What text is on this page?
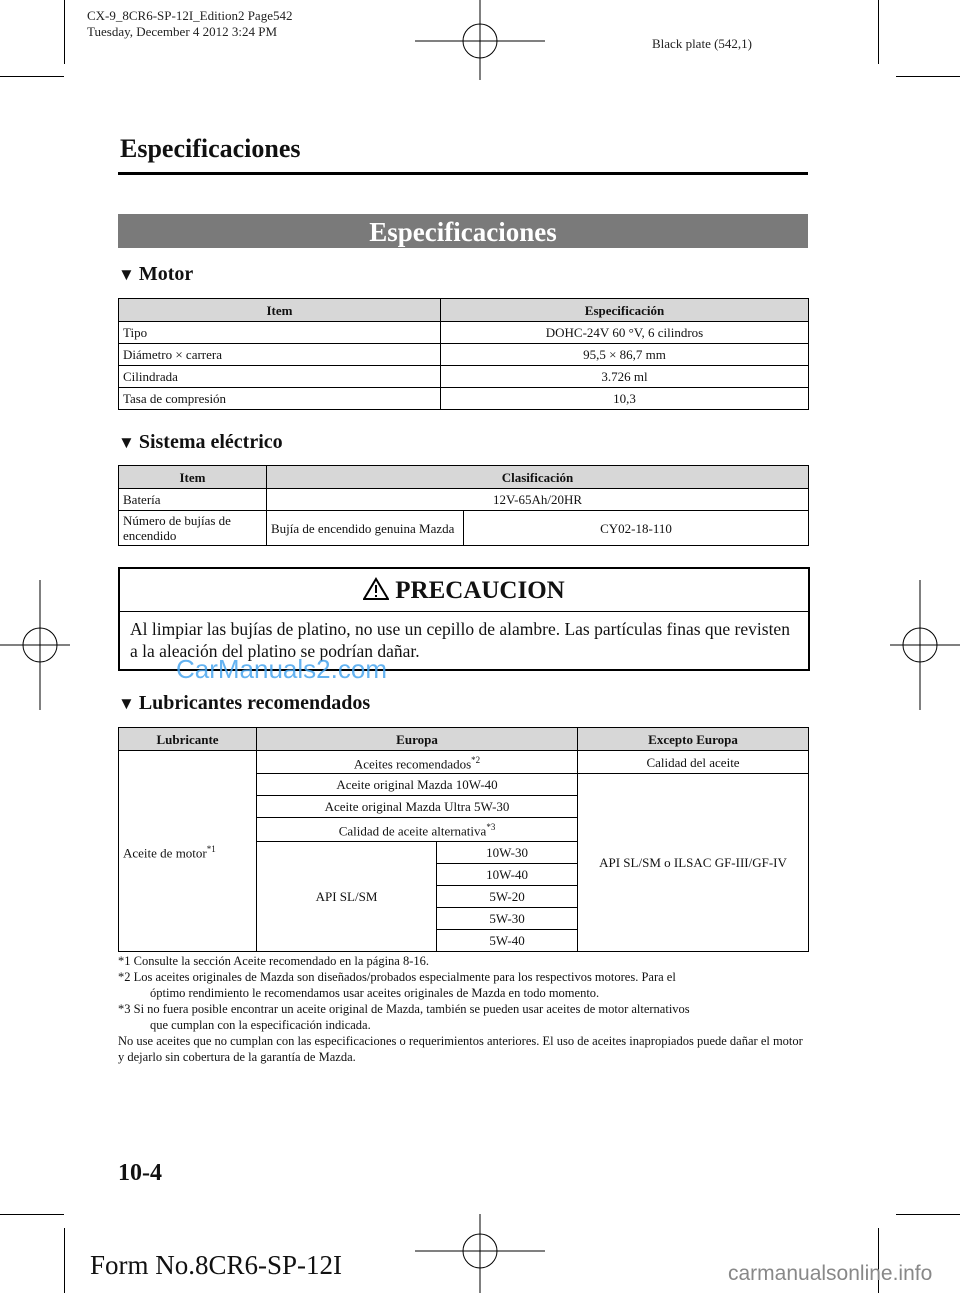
CX-9_8CR6-SP-12I_Edition2 Page542
Tuesday, December 4 2012 3:24 PM
Black plate (542,1)
Especificaciones
Especificaciones
▼ Motor
Item	Especificación
Tipo	DOHC-24V 60 °V, 6 cilindros
Diámetro × carrera	95,5 × 86,7 mm
Cilindrada	3.726 ml
Tasa de compresión	10,3
▼ Sistema eléctrico
Item	Clasificación	
Batería	12V-65Ah/20HR	
Número de bujías de encendido	Bujía de encendido genuina Mazda	CY02-18-110
PRECAUCION
Al limpiar las bujías de platino, no use un cepillo de alambre. Las partículas finas que revisten a la aleación del platino se podrían dañar.
CarManuals2.com
▼ Lubricantes recomendados
Lubricante	Europa		Excepto Europa
Aceite de motor$^{*1}$	Aceites recomendados$^{*2}$		Calidad del aceite
	Aceite original Mazda 10W-40		API SL/SM o ILSAC GF-III/GF-IV
	Aceite original Mazda Ultra 5W-30		
	Calidad de aceite alternativa$^{*3}$
	API SL/SM	10W-30	
		10W-40	
		5W-20	
		5W-30	
		5W-40	
*1 Consulte la sección Aceite recomendado en la página 8-16.
*2 Los aceites originales de Mazda son diseñados/probados especialmente para los respectivos motores. Para el
óptimo rendimiento le recomendamos usar aceites originales de Mazda en todo momento.
*3 Si no fuera posible encontrar un aceite original de Mazda, también se pueden usar aceites de motor alternativos
que cumplan con la especificación indicada.
No use aceites que no cumplan con las especificaciones o requerimientos anteriores. El uso de aceites inapropiados puede dañar el motor y dejarlo sin cobertura de la garantía de Mazda.
10-4
Form No.8CR6-SP-12I	carmanualsonline.info
